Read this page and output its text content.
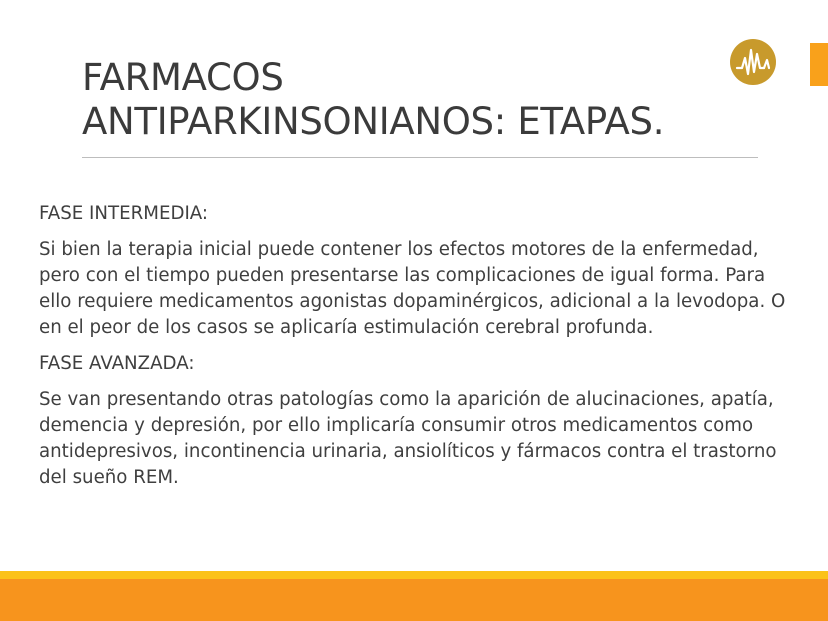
FARMACOS
ANTIPARKINSONIANOS: ETAPAS.

FASE INTERMEDIA:

Si bien la terapia inicial puede contener los efectos motores de la enfermedad, pero con el tiempo pueden presentarse las complicaciones de igual forma. Para ello requiere medicamentos agonistas dopaminérgicos, adicional a la levodopa. O en el peor de los casos se aplicaría estimulación cerebral profunda.

FASE AVANZADA:

Se van presentando otras patologías como la aparición de alucinaciones, apatía, demencia y depresión, por ello implicaría consumir otros medicamentos como antidepresivos, incontinencia urinaria, ansiolíticos y fármacos contra el trastorno del sueño REM.
